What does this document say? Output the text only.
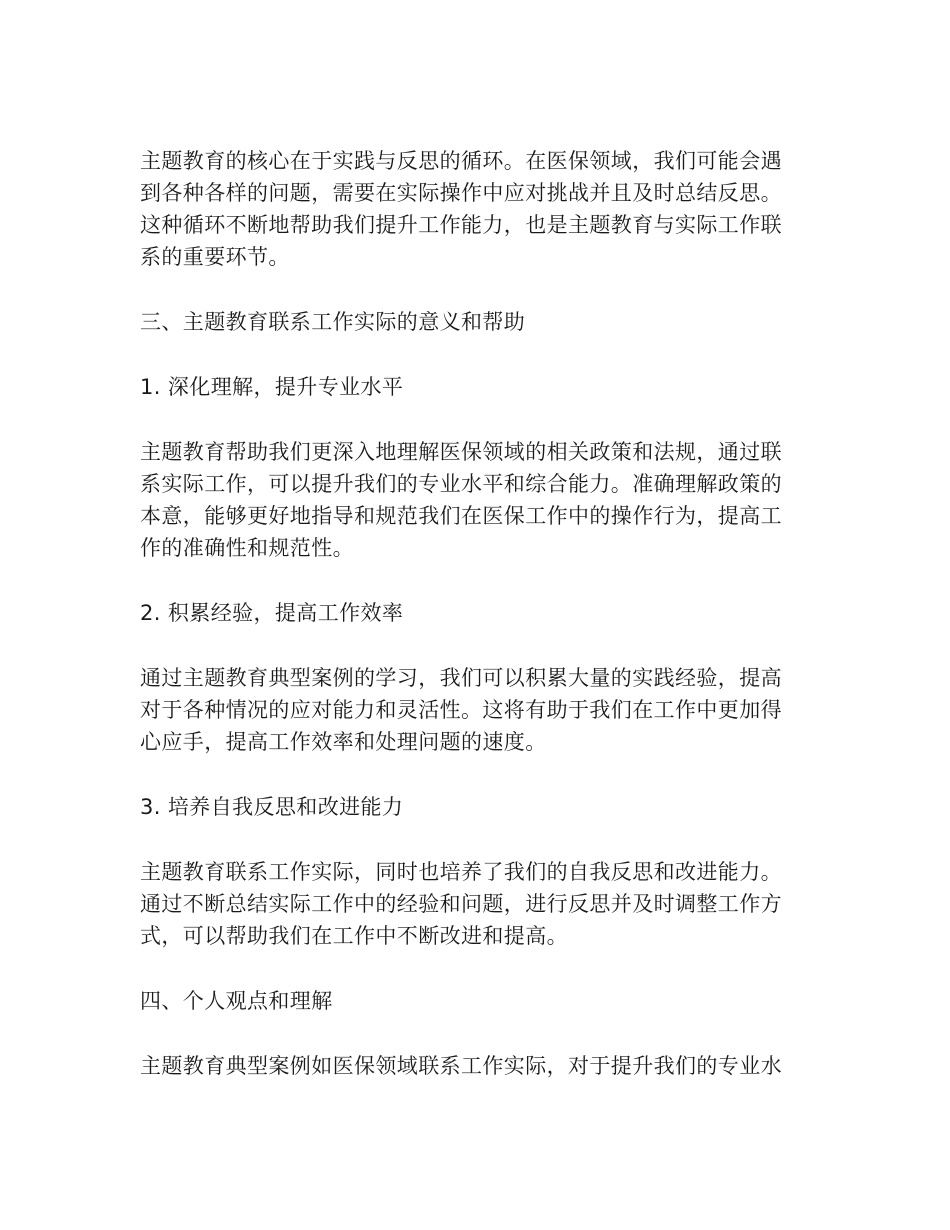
主题教育的核心在于实践与反思的循环。在医保领域，我们可能会遇到各种各样的问题，需要在实际操作中应对挑战并且及时总结反思。这种循环不断地帮助我们提升工作能力，也是主题教育与实际工作联系的重要环节。

三、主题教育联系工作实际的意义和帮助

1. 深化理解，提升专业水平

主题教育帮助我们更深入地理解医保领域的相关政策和法规，通过联系实际工作，可以提升我们的专业水平和综合能力。准确理解政策的本意，能够更好地指导和规范我们在医保工作中的操作行为，提高工作的准确性和规范性。

2. 积累经验，提高工作效率

通过主题教育典型案例的学习，我们可以积累大量的实践经验，提高对于各种情况的应对能力和灵活性。这将有助于我们在工作中更加得心应手，提高工作效率和处理问题的速度。

3. 培养自我反思和改进能力

主题教育联系工作实际，同时也培养了我们的自我反思和改进能力。通过不断总结实际工作中的经验和问题，进行反思并及时调整工作方式，可以帮助我们在工作中不断改进和提高。

四、个人观点和理解

主题教育典型案例如医保领域联系工作实际，对于提升我们的专业水
